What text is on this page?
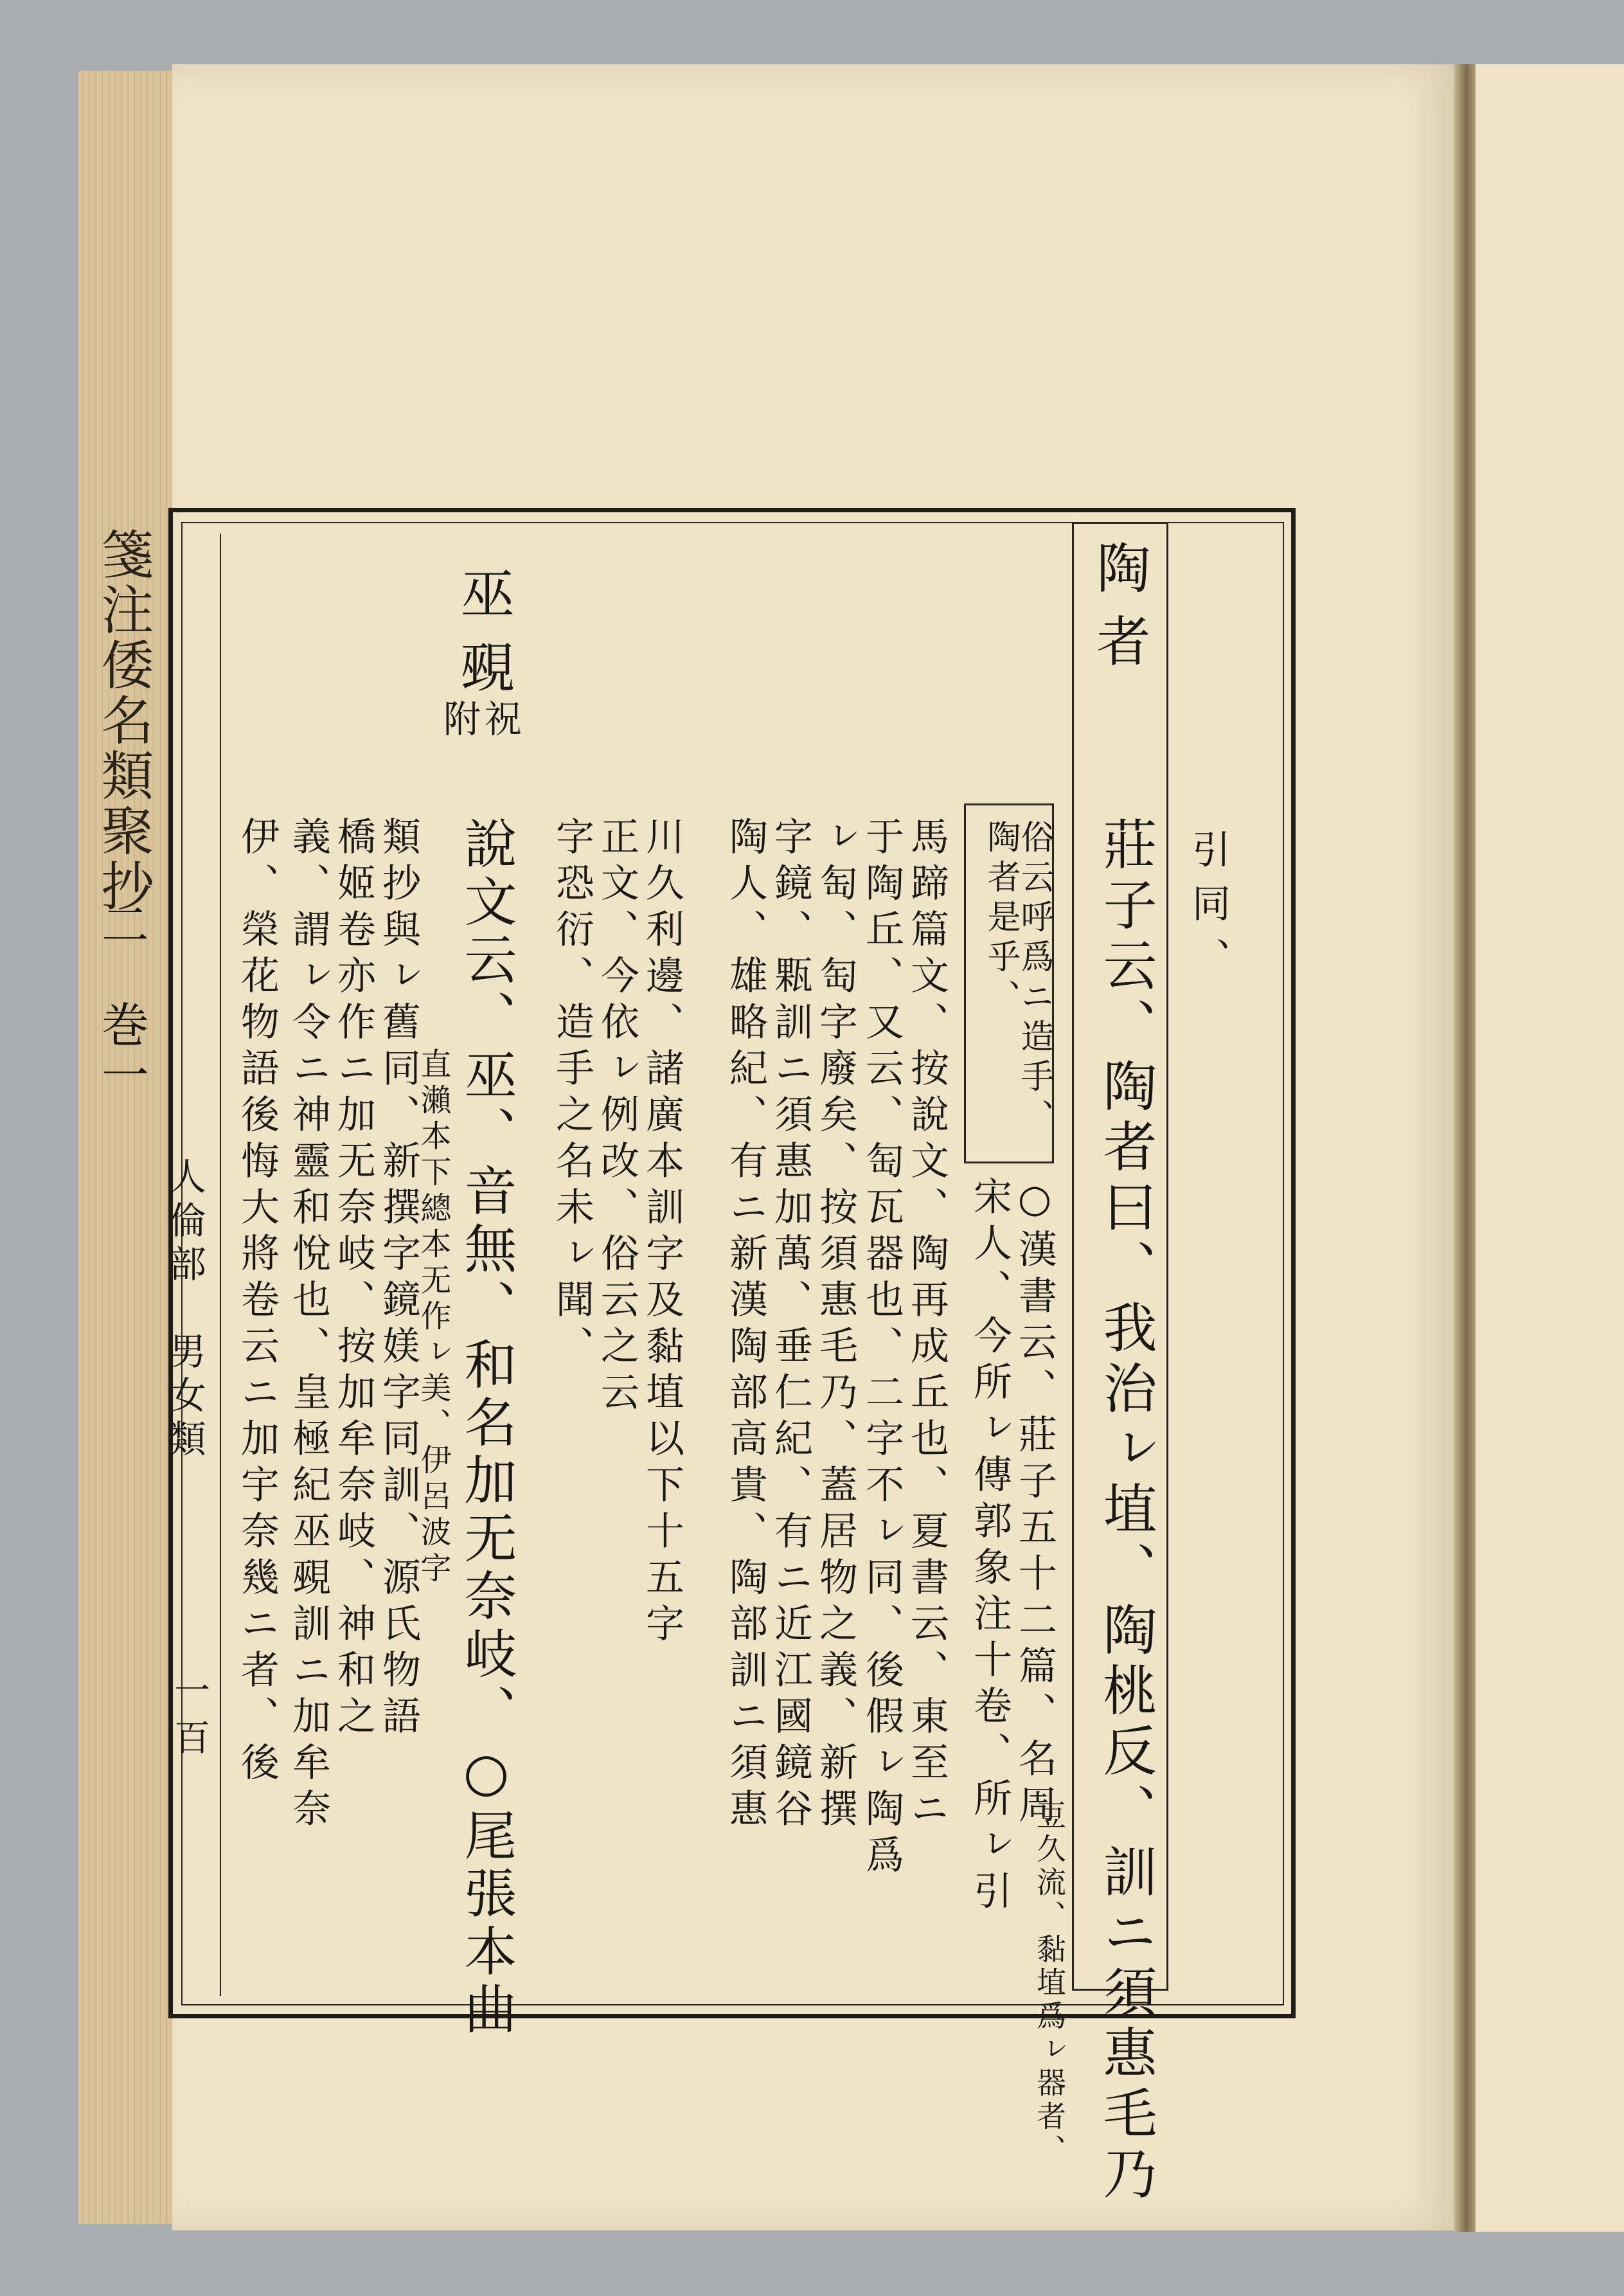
箋注倭名類聚抄
二　巻一
人倫部　男女類
一百
陶者
莊子云、陶者曰、我治ㇾ埴、陶桃反、訓ニ須惠毛乃
豆久流、黏埴爲ㇾ器者、
引同、
俗云呼爲ニ造手、陶者是乎、
宋人、今所ㇾ傳郭象注十卷、所ㇾ引 ○漢書云、莊子五十二篇、名周
馬蹄篇文、按說文、陶再成丘也、夏書云、東至ニ
于陶丘、又云、匋瓦器也、二字不ㇾ同、後假ㇾ陶爲
ㇾ匋、匋字廢矣、按須惠毛乃、蓋居物之義、新撰
字鏡、㼫訓ニ須惠加萬、垂仁紀、有ニ近江國鏡谷
陶人、雄略紀、有ニ新漢陶部高貴、陶部訓ニ須惠
川久利邊、諸廣本訓字及黏埴以下十五字
正文、今依ㇾ例改、俗云之云
字恐衍、造手之名未ㇾ聞、
巫覡
附祝
說文云、巫、音無、和名加无奈岐、○尾張本曲
直瀨本下總本无作ㇾ美、伊呂波字
類抄與ㇾ舊同、新撰字鏡媄字同訓、源氏物語
橋姬卷亦作ニ加无奈岐、按加牟奈岐、神和之
義、謂ㇾ令ニ神靈和悅也、皇極紀巫覡訓ニ加牟奈
伊、榮花物語後悔大將卷云ニ加宇奈幾ニ者、後
